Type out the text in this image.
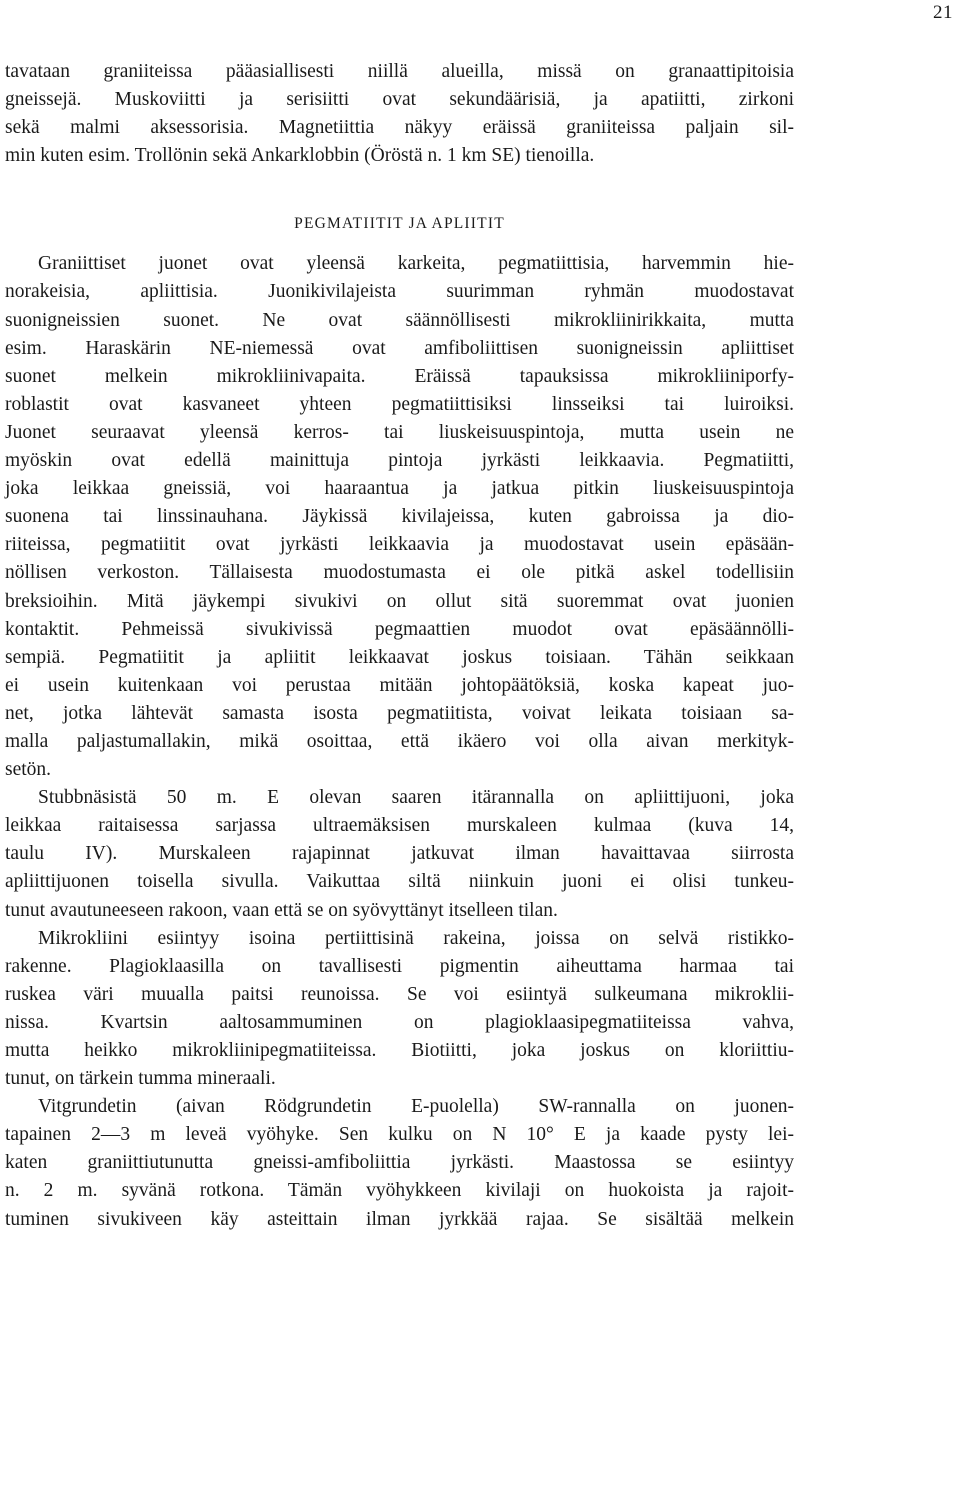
21
tavataan graniiteissa pääasiallisesti niillä alueilla, missä on granaattipitoisia
gneissejä. Muskoviitti ja serisiitti ovat sekundäärisiä, ja apatiitti, zirkoni
sekä malmi aksessorisia. Magnetiittia näkyy eräissä graniiteissa paljain sil-
min kuten esim. Trollönin sekä Ankarklobbin (Öröstä n. 1 km SE) tienoilla.
PEGMATIITIT JA APLIITIT
Graniittiset juonet ovat yleensä karkeita, pegmatiittisia, harvemmin hie-
norakeisia, apliittisia. Juonikivilajeista suurimman ryhmän muodostavat
suonigneissien suonet. Ne ovat säännöllisesti mikrokliinirikkaita, mutta
esim. Haraskärin NE-niemessä ovat amfiboliittisen suonigneissin apliittiset
suonet melkein mikrokliinivapaita. Eräissä tapauksissa mikrokliiniporfy-
roblastit ovat kasvaneet yhteen pegmatiittisiksi linsseiksi tai luiroiksi.
Juonet seuraavat yleensä kerros- tai liuskeisuuspintoja, mutta usein ne
myöskin ovat edellä mainittuja pintoja jyrkästi leikkaavia. Pegmatiitti,
joka leikkaa gneissiä, voi haaraantua ja jatkua pitkin liuskeisuuspintoja
suonena tai linssinauhana. Jäykissä kivilajeissa, kuten gabroissa ja dio-
riiteissa, pegmatiitit ovat jyrkästi leikkaavia ja muodostavat usein epäsään-
nöllisen verkoston. Tällaisesta muodostumasta ei ole pitkä askel todellisiin
breksioihin. Mitä jäykempi sivukivi on ollut sitä suoremmat ovat juonien
kontaktit. Pehmeissä sivukivissä pegmaattien muodot ovat epäsäännölli-
sempiä. Pegmatiitit ja apliitit leikkaavat joskus toisiaan. Tähän seikkaan
ei usein kuitenkaan voi perustaa mitään johtopäätöksiä, koska kapeat juo-
net, jotka lähtevät samasta isosta pegmatiitista, voivat leikata toisiaan sa-
malla paljastumallakin, mikä osoittaa, että ikäero voi olla aivan merkityk-
setön.
Stubbnäsistä 50 m. E olevan saaren itärannalla on apliittijuoni, joka
leikkaa raitaisessa sarjassa ultraemäksisen murskaleen kulmaa (kuva 14,
taulu IV). Murskaleen rajapinnat jatkuvat ilman havaittavaa siirrosta
apliittijuonen toisella sivulla. Vaikuttaa siltä niinkuin juoni ei olisi tunkeu-
tunut avautuneeseen rakoon, vaan että se on syövyttänyt itselleen tilan.
Mikrokliini esiintyy isoina pertiittisinä rakeina, joissa on selvä ristikko-
rakenne. Plagioklaasilla on tavallisesti pigmentin aiheuttama harmaa tai
ruskea väri muualla paitsi reunoissa. Se voi esiintyä sulkeumana mikroklii-
nissa. Kvartsin aaltosammuminen on plagioklaasipegmatiiteissa vahva,
mutta heikko mikrokliinipegmatiiteissa. Biotiitti, joka joskus on kloriittiu-
tunut, on tärkein tumma mineraali.
Vitgrundetin (aivan Rödgrundetin E-puolella) SW-rannalla on juonen-
tapainen 2—3 m leveä vyöhyke. Sen kulku on N 10° E ja kaade pysty lei-
katen graniittiutunutta gneissi-amfiboliittia jyrkästi. Maastossa se esiintyy
n. 2 m. syvänä rotkona. Tämän vyöhykkeen kivilaji on huokoista ja rajoit-
tuminen sivukiveen käy asteittain ilman jyrkkää rajaa. Se sisältää melkein
